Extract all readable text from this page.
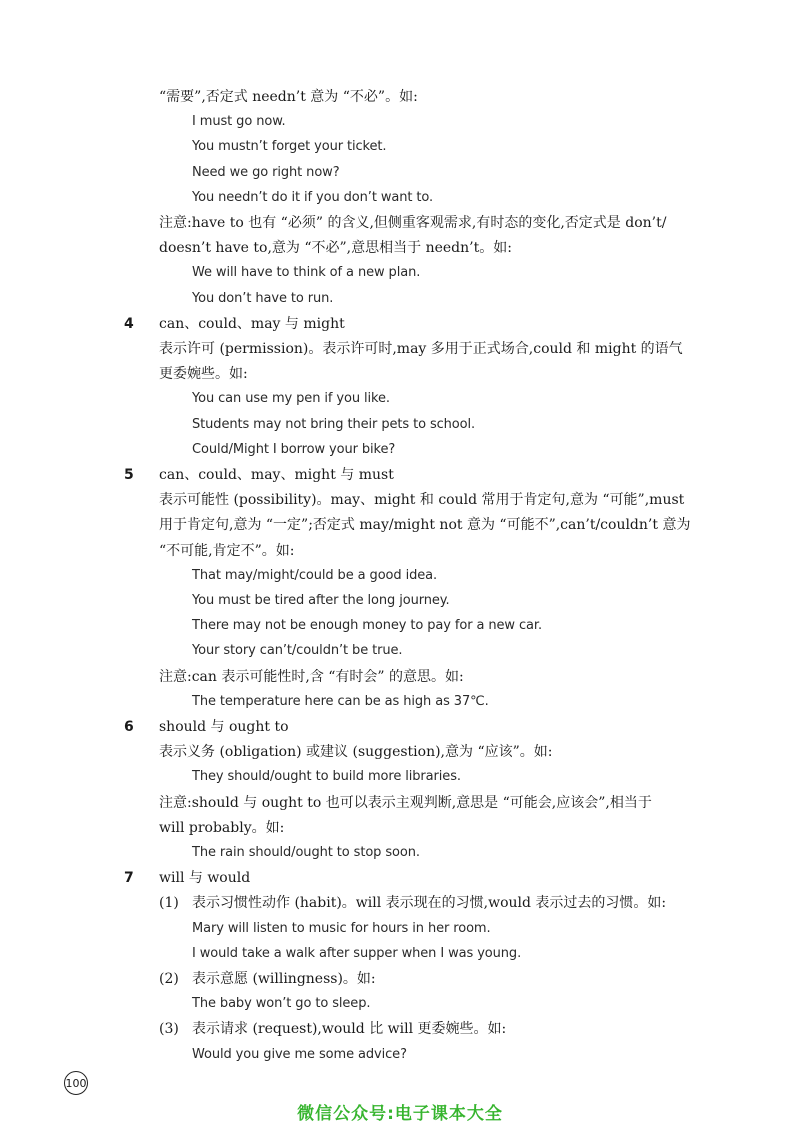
“需要”,否定式 needn’t 意为 “不必”。如:
I must go now.
You mustn’t forget your ticket.
Need we go right now?
You needn’t do it if you don’t want to.
注意:have to 也有 “必须” 的含义,但侧重客观需求,有时态的变化,否定式是 don’t/
doesn’t have to,意为 “不必”,意思相当于 needn’t。如:
We will have to think of a new plan.
You don’t have to run.
4 can、could、may 与 might
表示许可 (permission)。表示许可时,may 多用于正式场合,could 和 might 的语气
更委婉些。如:
You can use my pen if you like.
Students may not bring their pets to school.
Could/Might I borrow your bike?
5 can、could、may、might 与 must
表示可能性 (possibility)。may、might 和 could 常用于肯定句,意为 “可能”,must
用于肯定句,意为 “一定”;否定式 may/might not 意为 “可能不”,can’t/couldn’t 意为
“不可能,肯定不”。如:
That may/might/could be a good idea.
You must be tired after the long journey.
There may not be enough money to pay for a new car.
Your story can’t/couldn’t be true.
注意:can 表示可能性时,含 “有时会” 的意思。如:
The temperature here can be as high as 37℃.
6 should 与 ought to
表示义务 (obligation) 或建议 (suggestion),意为 “应该”。如:
They should/ought to build more libraries.
注意:should 与 ought to 也可以表示主观判断,意思是 “可能会,应该会”,相当于
will probably。如:
The rain should/ought to stop soon.
7 will 与 would
(1) 表示习惯性动作 (habit)。will 表示现在的习惯,would 表示过去的习惯。如:
Mary will listen to music for hours in her room.
I would take a walk after supper when I was young.
(2) 表示意愿 (willingness)。如:
The baby won’t go to sleep.
(3) 表示请求 (request),would 比 will 更委婉些。如:
Would you give me some advice?
100
微信公众号:电子课本大全
